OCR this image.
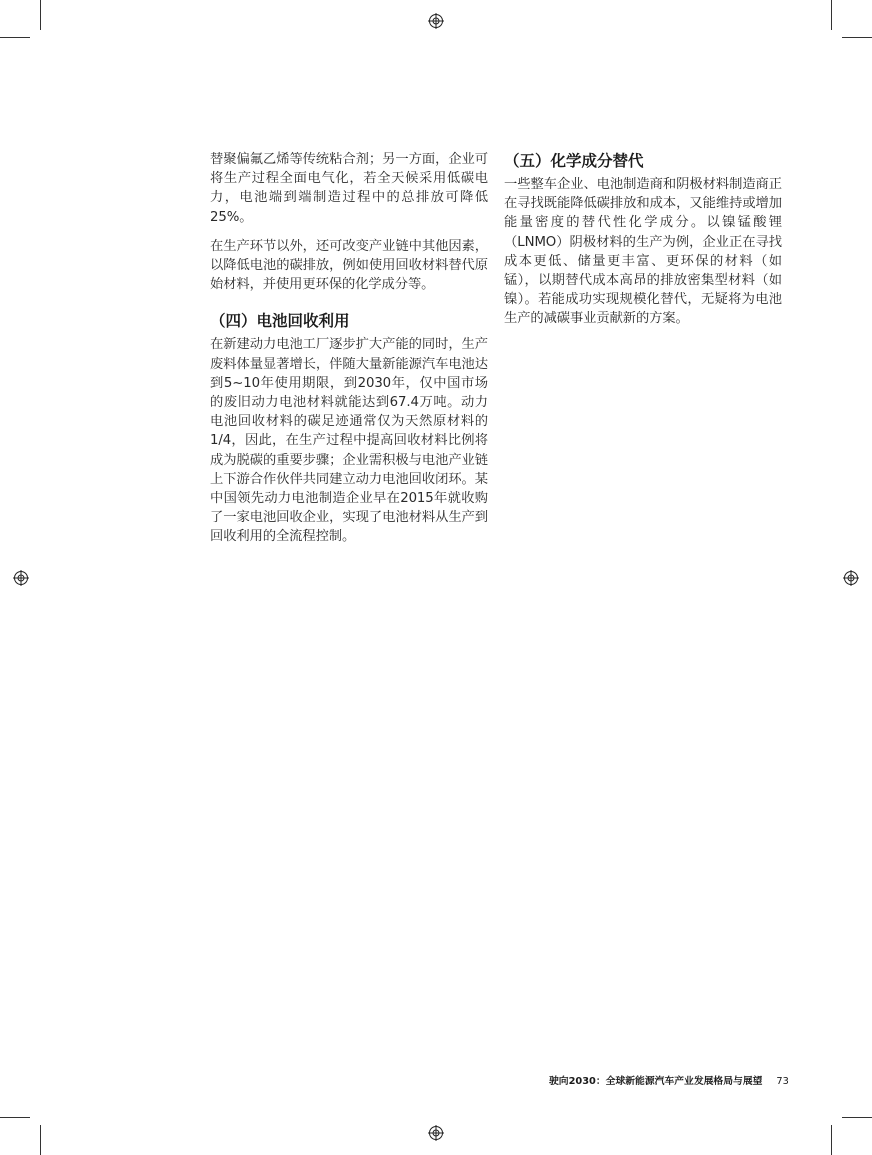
替聚偏氟乙烯等传统粘合剂；另一方面，企业可将生产过程全面电气化，若全天候采用低碳电力，电池端到端制造过程中的总排放可降低25%。

在生产环节以外，还可改变产业链中其他因素，以降低电池的碳排放，例如使用回收材料替代原始材料，并使用更环保的化学成分等。

（四）电池回收利用

在新建动力电池工厂逐步扩大产能的同时，生产废料体量显著增长，伴随大量新能源汽车电池达到5~10年使用期限，到2030年，仅中国市场的废旧动力电池材料就能达到67.4万吨。动力电池回收材料的碳足迹通常仅为天然原材料的1/4，因此，在生产过程中提高回收材料比例将成为脱碳的重要步骤；企业需积极与电池产业链上下游合作伙伴共同建立动力电池回收闭环。某中国领先动力电池制造企业早在2015年就收购了一家电池回收企业，实现了电池材料从生产到回收利用的全流程控制。

（五）化学成分替代

一些整车企业、电池制造商和阴极材料制造商正在寻找既能降低碳排放和成本，又能维持或增加能量密度的替代性化学成分。以镍锰酸锂（LNMO）阴极材料的生产为例，企业正在寻找成本更低、储量更丰富、更环保的材料（如锰），以期替代成本高昂的排放密集型材料（如镍）。若能成功实现规模化替代，无疑将为电池生产的减碳事业贡献新的方案。

驶向2030：全球新能源汽车产业发展格局与展望 73
